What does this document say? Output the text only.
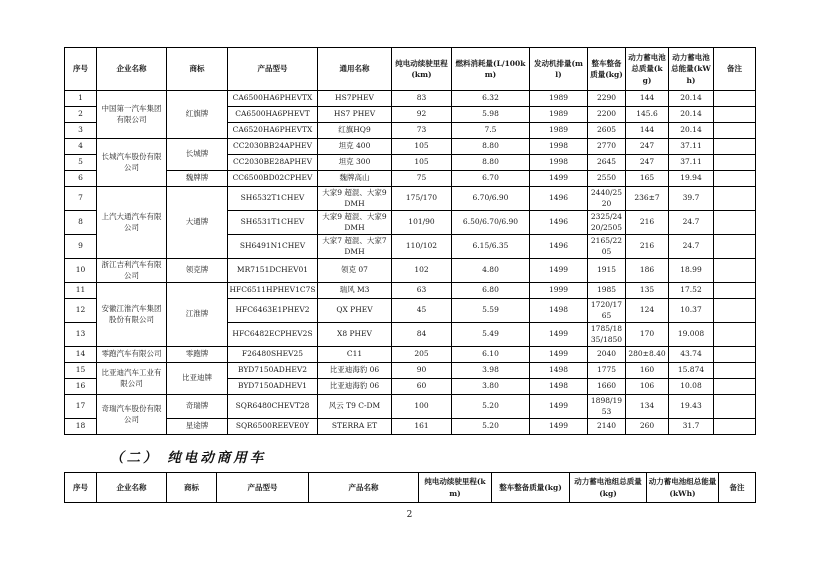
序号	企业名称	商标	产品型号	通用名称	纯电动续驶里程(km)	燃料消耗量(L/100km)	发动机排量(ml)	整车整备质量(kg)	动力蓄电池总质量(kg)	动力蓄电池总能量(kWh)	备注
1	中国第一汽车集团有限公司	红旗牌	CA6500HA6PHEVTX	HS7PHEV	83	6.32	1989	2290	144	20.14	
2			CA6500HA6PHEVT	HS7 PHEV	92	5.98	1989	2200	145.6	20.14	
3			CA6520HA6PHEVTX	红旗HQ9	73	7.5	1989	2605	144	20.14	
4	长城汽车股份有限公司	长城牌	CC2030BB24APHEV	坦克 400	105	8.80	1998	2770	247	37.11	
5			CC2030BE28APHEV	坦克 300	105	8.80	1998	2645	247	37.11	
6		魏牌牌	CC6500BD02CPHEV	魏牌高山	75	6.70	1499	2550	165	19.94	
7	上汽大通汽车有限公司	大通牌	SH6532T1CHEV	大家9 超混、大家9 DMH	175/170	6.70/6.90	1496	2440/2520	236±7	39.7	
8			SH6531T1CHEV	大家9 超混、大家9 DMH	101/90	6.50/6.70/6.90	1496	2325/2420/2505	216	24.7	
9			SH6491N1CHEV	大家7 超混、大家7 DMH	110/102	6.15/6.35	1496	2165/2205	216	24.7	
10	浙江吉利汽车有限公司	领克牌	MR7151DCHEV01	领克 07	102	4.80	1499	1915	186	18.99	
11	安徽江淮汽车集团股份有限公司	江淮牌	HFC6511HPHEV1C7S	瑞风 M3	63	6.80	1999	1985	135	17.52	
12			HFC6463E1PHEV2	QX PHEV	45	5.59	1498	1720/1765	124	10.37	
13			HFC6482ECPHEV2S	X8 PHEV	84	5.49	1499	1785/1835/1850	170	19.008	
14	零跑汽车有限公司	零跑牌	F26480SHEV25	C11	205	6.10	1499	2040	280±8.40	43.74	
15	比亚迪汽车工业有限公司	比亚迪牌	BYD7150ADHEV2	比亚迪海豹 06	90	3.98	1498	1775	160	15.874	
16			BYD7150ADHEV1	比亚迪海豹 06	60	3.80	1498	1660	106	10.08	
17	奇瑞汽车股份有限公司	奇瑞牌	SQR6480CHEVT28	风云 T9 C-DM	100	5.20	1499	1898/1953	134	19.43	
18		星途牌	SQR6500REEVE0Y	STERRA ET	161	5.20	1499	2140	260	31.7	
（二） 纯电动商用车
序号	企业名称	商标	产品型号	产品名称	纯电动续驶里程(km)	整车整备质量(kg)	动力蓄电池组总质量(kg)	动力蓄电池组总能量(kWh)	备注
2
